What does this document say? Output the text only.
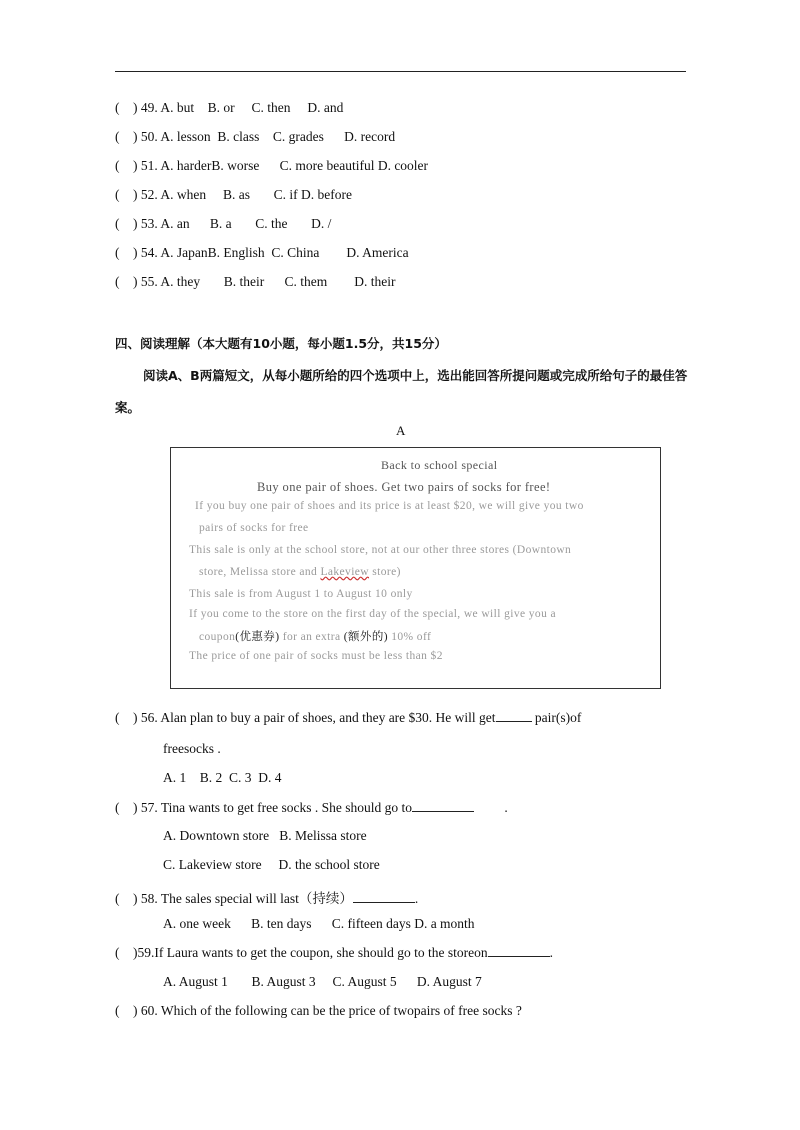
(    ) 49. A. but    B. or     C. then     D. and
(    ) 50. A. lesson  B. class    C. grades      D. record
(    ) 51. A. harderB. worse      C. more beautiful D. cooler
(    ) 52. A. when     B. as       C. if D. before
(    ) 53. A. an      B. a       C. the       D. /
(    ) 54. A. JapanB. English  C. China        D. America
(    ) 55. A. they       B. their      C. them        D. their
四、阅读理解（本大题有10小题，每小题1.5分，共15分）
阅读A、B两篇短文，从每小题所给的四个选项中上，选出能回答所提问题或完成所给句子的最佳答案。
A
Back to school special
Buy one pair of shoes. Get two pairs of socks for free!
If you buy one pair of shoes and its price is at least $20, we will give you two
pairs of socks for free
This sale is only at the school store, not at our other three stores (Downtown
store, Melissa store and Lakeview store)
This sale is from August 1 to August 10 only
If you come to the store on the first day of the special, we will give you a
coupon(优惠券) for an extra (额外的) 10% off
The price of one pair of socks must be less than $2
(    ) 56. Alan plan to buy a pair of shoes, and they are $30. He will get	pair(s)of
freesocks .
A. 1    B. 2  C. 3  D. 4
(    ) 57. Tina wants to get free socks . She should go to	.
A. Downtown store   B. Melissa store
C. Lakeview store     D. the school store
(    ) 58. The sales special will last（持续）	.
A. one week      B. ten days      C. fifteen days D. a month
(    )59.If Laura wants to get the coupon, she should go to the storeon	.
A. August 1       B. August 3     C. August 5      D. August 7
(    ) 60. Which of the following can be the price of twopairs of free socks ?
